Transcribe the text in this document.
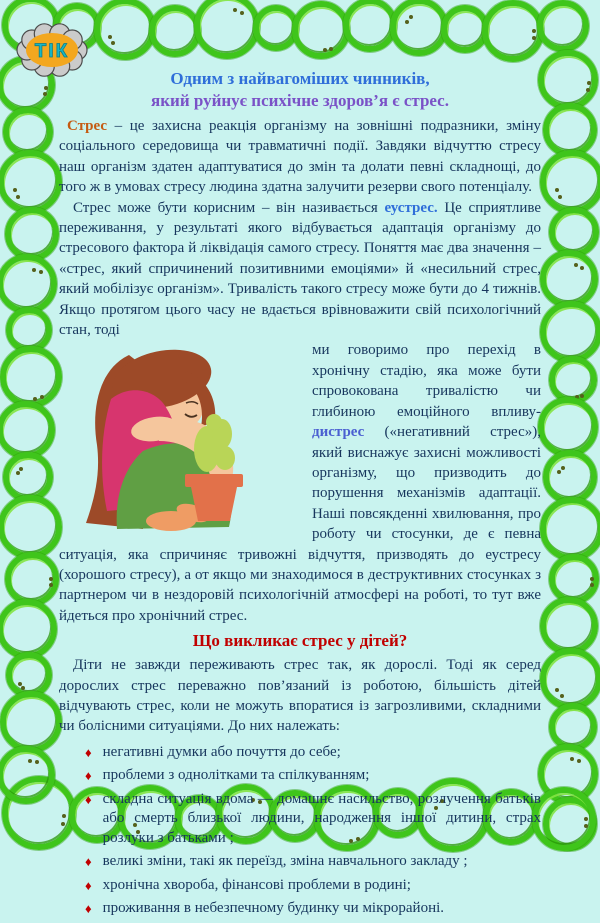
ТІК
Одним з найвагоміших чинників,
який руйнує психічне здоров’я є стрес.

Стрес – це захисна реакція організму на зовнішні подразники, зміну соціального середовища чи травматичні події. Завдяки відчуттю стресу наш організм здатен адаптуватися до змін та долати певні складнощі, до того ж в умовах стресу людина здатна залучити резерви свого потенціалу.

Стрес може бути корисним – він називається еустрес. Це сприятливе переживання, у результаті якого відбувається адаптація організму до стресового фактора й ліквідація самого стресу. Поняття має два значення – «стрес, який спричинений позитивними емоціями» й «несильний стрес, який мобілізує організм». Тривалість такого стресу може бути до 4 тижнів. Якщо протягом цього часу не вдається врівноважити свій психологічний стан, тоді

ми говоримо про перехід в хронічну стадію, яка може бути спровокована тривалістю чи глибиною емоційного впливу- дистрес («негативний стрес»), який виснажує захисні можливості організму, що призводить до порушення механізмів адаптації. Наші повсякденні хвилювання, про роботу чи стосунки, де є певна ситуація, яка спричиняє тривожні відчуття, призводять до еустресу (хорошого стресу), а от якщо ми знаходимося в деструктивних стосунках з партнером чи в нездоровій психологічній атмосфері на роботі, то тут вже йдеться про хронічний стрес.

Що викликає стрес у дітей?

Діти не завжди переживають стрес так, як дорослі. Тоді як серед дорослих стрес переважно пов’язаний із роботою, більшість дітей відчувають стрес, коли не можуть впоратися із загрозливими, складними чи болісними ситуаціями. До них належать:

♦ негативні думки або почуття до себе;
♦ проблеми з однолітками та спілкуванням;
♦ складна ситуація вдома — домашнє насильство, розлучення батьків або смерть близької людини, народження іншої дитини, страх розлуки з батьками ;
♦ великі зміни, такі як переїзд, зміна навчального закладу ;
♦ хронічна хвороба, фінансові проблеми в родині;
♦ проживання в небезпечному будинку чи мікрорайоні.
